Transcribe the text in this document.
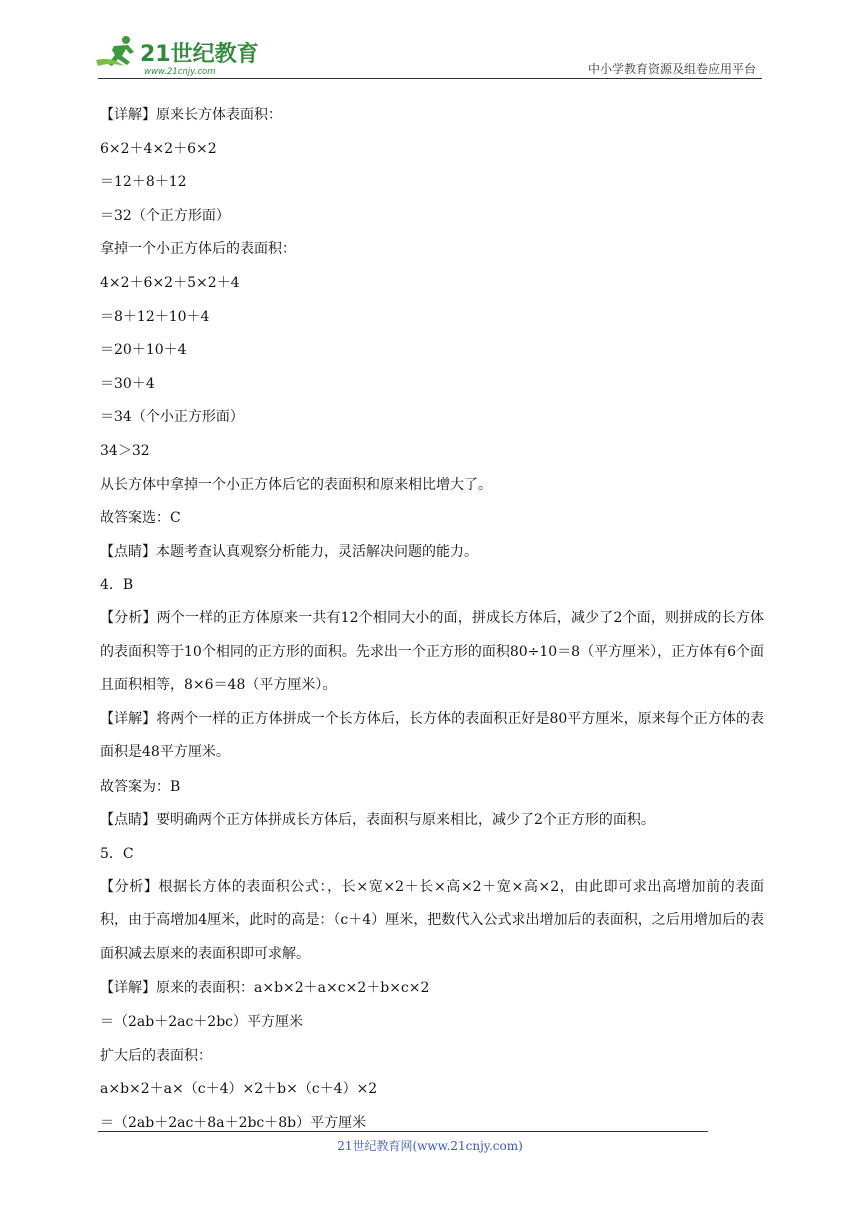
21世纪教育
www.21cnjy.com	中小学教育资源及组卷应用平台
【详解】原来长方体表面积：
6×2＋4×2＋6×2
＝12＋8＋12
＝32（个正方形面）
拿掉一个小正方体后的表面积：
4×2＋6×2＋5×2＋4
＝8＋12＋10＋4
＝20＋10＋4
＝30＋4
＝34（个小正方形面）
34＞32
从长方体中拿掉一个小正方体后它的表面积和原来相比增大了。
故答案选：C
【点睛】本题考查认真观察分析能力，灵活解决问题的能力。
4．B
【分析】两个一样的正方体原来一共有12个相同大小的面，拼成长方体后，减少了2个面，则拼成的长方体的表面积等于10个相同的正方形的面积。先求出一个正方形的面积80÷10＝8（平方厘米），正方体有6个面且面积相等，8×6＝48（平方厘米）。
【详解】将两个一样的正方体拼成一个长方体后，长方体的表面积正好是80平方厘米，原来每个正方体的表面积是48平方厘米。
故答案为：B
【点睛】要明确两个正方体拼成长方体后，表面积与原来相比，减少了2个正方形的面积。
5．C
【分析】根据长方体的表面积公式：，长×宽×2＋长×高×2＋宽×高×2，由此即可求出高增加前的表面积，由于高增加4厘米，此时的高是：（c＋4）厘米，把数代入公式求出增加后的表面积，之后用增加后的表面积减去原来的表面积即可求解。
【详解】原来的表面积：a×b×2＋a×c×2＋b×c×2
＝（2ab＋2ac＋2bc）平方厘米
扩大后的表面积：
a×b×2＋a×（c＋4）×2＋b×（c＋4）×2
＝（2ab＋2ac＋8a＋2bc＋8b）平方厘米
21世纪教育网(www.21cnjy.com)
